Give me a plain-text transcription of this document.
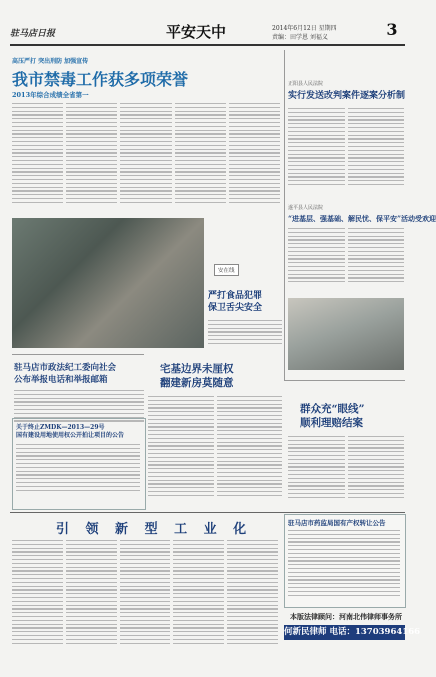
驻马店日报	平安天中	2014年6月12日 星期四
责编：田学恩 刘福义	3
高压严打 突出刑防 加强宣传
我市禁毒工作获多项荣誉
2013年综合成绩全省第一
正阳县人民法院
实行发送改判案件逐案分析制
遂平县人民法院
“进基层、强基础、解民忧、保平安”活动受欢迎
安在线
严打食品犯罪
保卫舌尖安全
驻马店市政法纪工委向社会
公布举报电话和举报邮箱
关于终止ZMDK—2013—29号
国有建设用地使用权公开拍让项目的公告
宅基边界未厘权
翻建新房莫随意
群众充“眼线”
顺利理赔结案
引 领 新 型 工 业 化	驻马店市药监局国有产权转让公告
本版法律顾问：河南北伟律师事务所
何新民律师 电话：13703964166
